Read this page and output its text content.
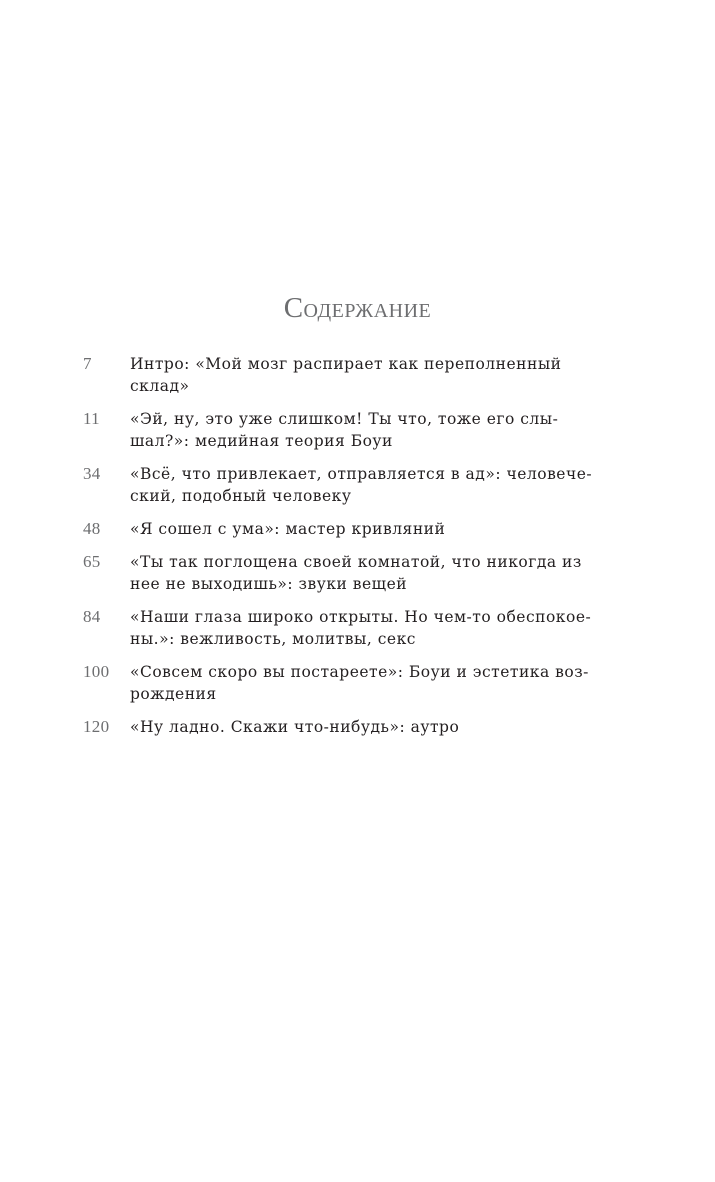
Содержание
7	Интро: «Мой мозг распирает как переполненный
склад»
11	«Эй, ну, это уже слишком! Ты что, тоже его слы-
шал?»: медийная теория Боуи
34	«Всё, что привлекает, отправляется в ад»: человече-
ский, подобный человеку
48	«Я сошел с ума»: мастер кривляний
65	«Ты так поглощена своей комнатой, что никогда из
нее не выходишь»: звуки вещей
84	«Наши глаза широко открыты. Но чем-то обеспокое-
ны.»: вежливость, молитвы, секс
100	«Совсем скоро вы постареете»: Боуи и эстетика воз-
рождения
120	«Ну ладно. Скажи что-нибудь»: аутро
